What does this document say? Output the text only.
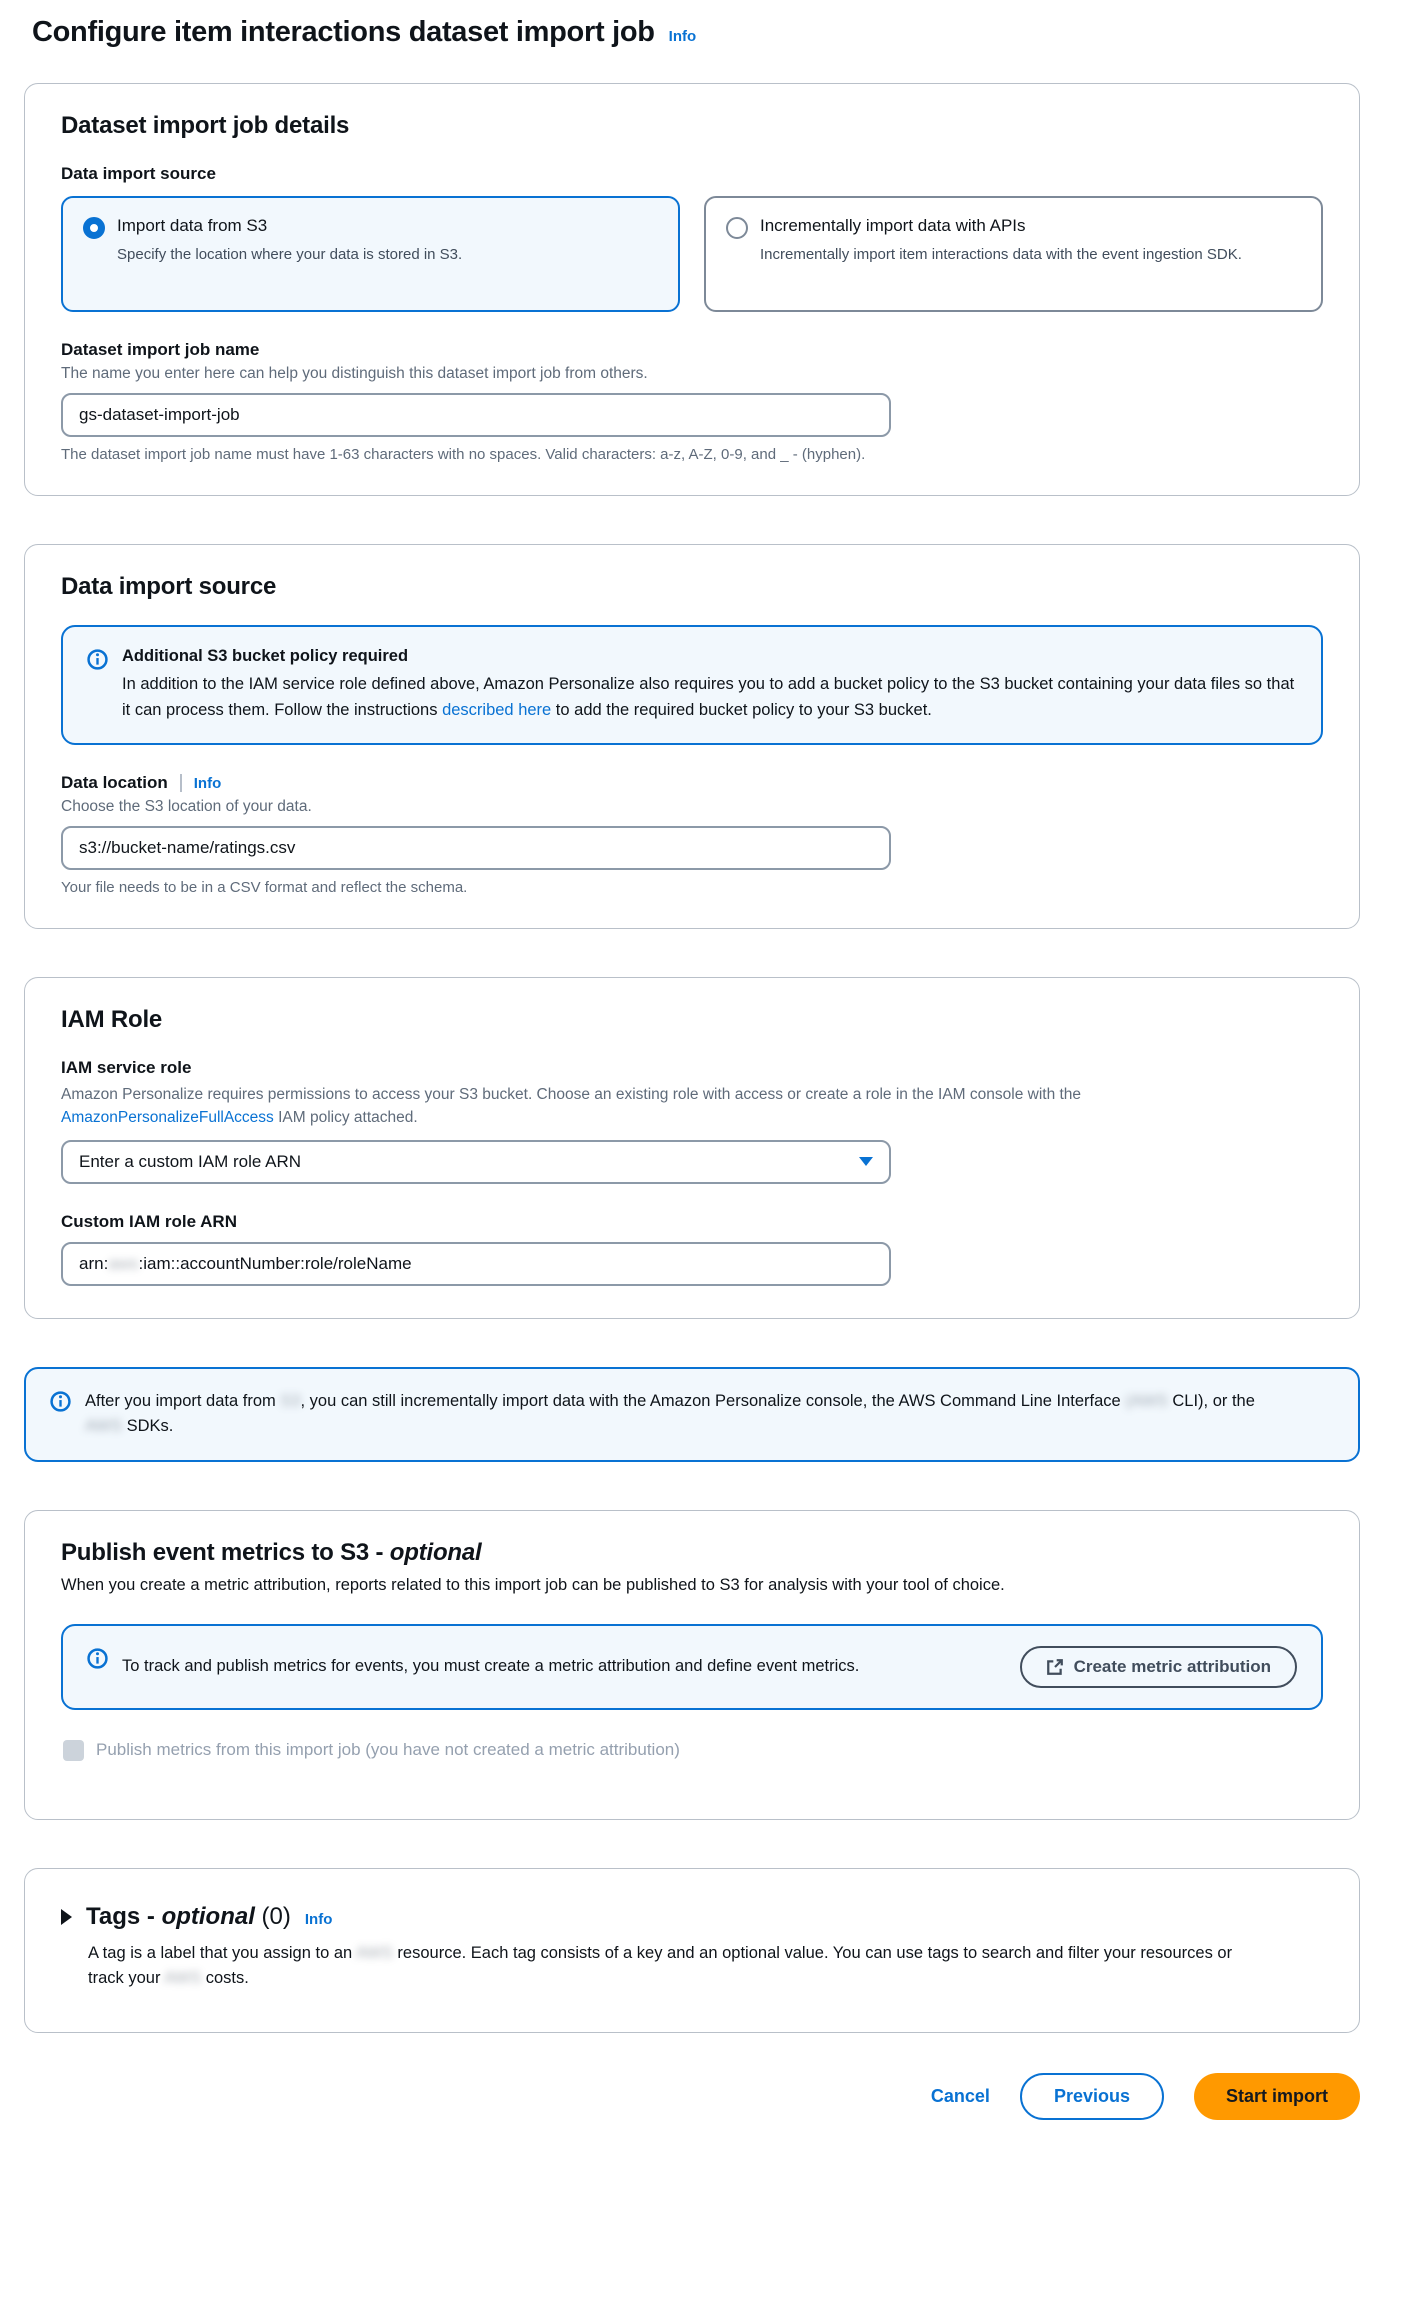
Configure item interactions dataset import job Info
Dataset import job details
Data import source
Import data from S3
Specify the location where your data is stored in S3.
Incrementally import data with APIs
Incrementally import item interactions data with the event ingestion SDK.
Dataset import job name
The name you enter here can help you distinguish this dataset import job from others.
gs-dataset-import-job
The dataset import job name must have 1-63 characters with no spaces. Valid characters: a-z, A-Z, 0-9, and _ - (hyphen).
Data import source
Additional S3 bucket policy required
In addition to the IAM service role defined above, Amazon Personalize also requires you to add a bucket policy to the S3 bucket containing your data files so that it can process them. Follow the instructions described here to add the required bucket policy to your S3 bucket.
Data location Info
Choose the S3 location of your data.
s3://bucket-name/ratings.csv
Your file needs to be in a CSV format and reflect the schema.
IAM Role
IAM service role
Amazon Personalize requires permissions to access your S3 bucket. Choose an existing role with access or create a role in the IAM console with the AmazonPersonalizeFullAccess IAM policy attached.
Enter a custom IAM role ARN
Custom IAM role ARN
arn: aws :iam::accountNumber:role/roleName
After you import data from S3, you can still incrementally import data with the Amazon Personalize console, the AWS Command Line Interface (AWS CLI), or the AWS SDKs.
Publish event metrics to S3 - optional
When you create a metric attribution, reports related to this import job can be published to S3 for analysis with your tool of choice.
To track and publish metrics for events, you must create a metric attribution and define event metrics.	Create metric attribution
Publish metrics from this import job (you have not created a metric attribution)
Tags - optional (0) Info
A tag is a label that you assign to an AWS resource. Each tag consists of a key and an optional value. You can use tags to search and filter your resources or track your AWS costs.
Cancel	Previous	Start import
